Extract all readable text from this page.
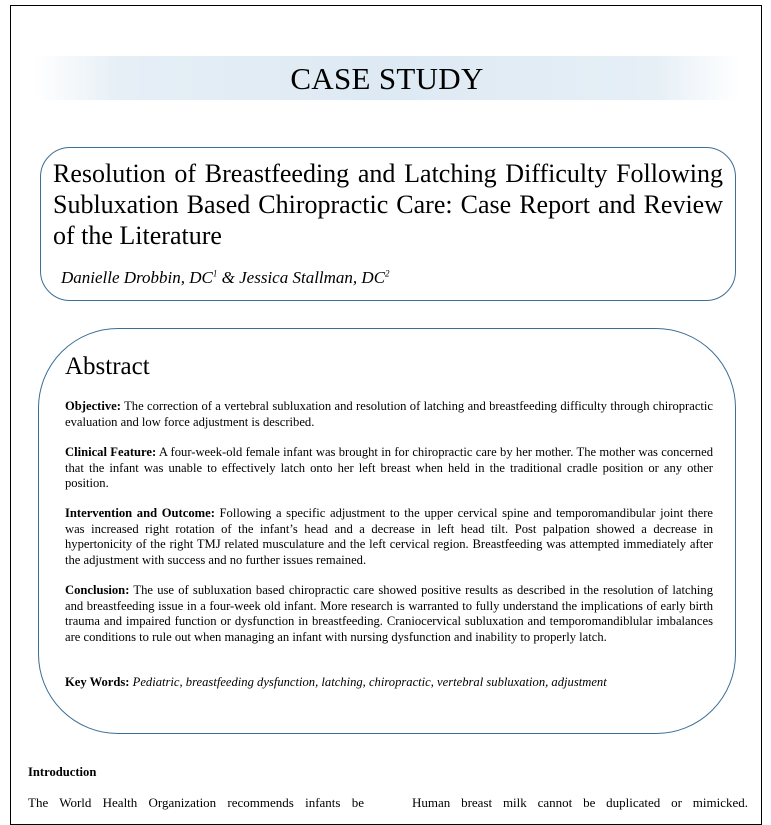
CASE STUDY
Resolution of Breastfeeding and Latching Difficulty Following Subluxation Based Chiropractic Care: Case Report and Review of the Literature
Danielle Drobbin, $DC^1$ & Jessica Stallman, $DC^2$
Abstract

Objective: The correction of a vertebral subluxation and resolution of latching and breastfeeding difficulty through chiropractic evaluation and low force adjustment is described.

Clinical Feature: A four-week-old female infant was brought in for chiropractic care by her mother. The mother was concerned that the infant was unable to effectively latch onto her left breast when held in the traditional cradle position or any other position.

Intervention and Outcome: Following a specific adjustment to the upper cervical spine and temporomandibular joint there was increased right rotation of the infant’s head and a decrease in left head tilt. Post palpation showed a decrease in hypertonicity of the right TMJ related musculature and the left cervical region. Breastfeeding was attempted immediately after the adjustment with success and no further issues remained.

Conclusion: The use of subluxation based chiropractic care showed positive results as described in the resolution of latching and breastfeeding issue in a four-week old infant. More research is warranted to fully understand the implications of early birth trauma and impaired function or dysfunction in breastfeeding. Craniocervical subluxation and temporomandiblular imbalances are conditions to rule out when managing an infant with nursing dysfunction and inability to properly latch.

Key Words: Pediatric, breastfeeding dysfunction, latching, chiropractic, vertebral subluxation, adjustment

Introduction

The World Health Organization recommends infants be	Human breast milk cannot be duplicated or mimicked.
